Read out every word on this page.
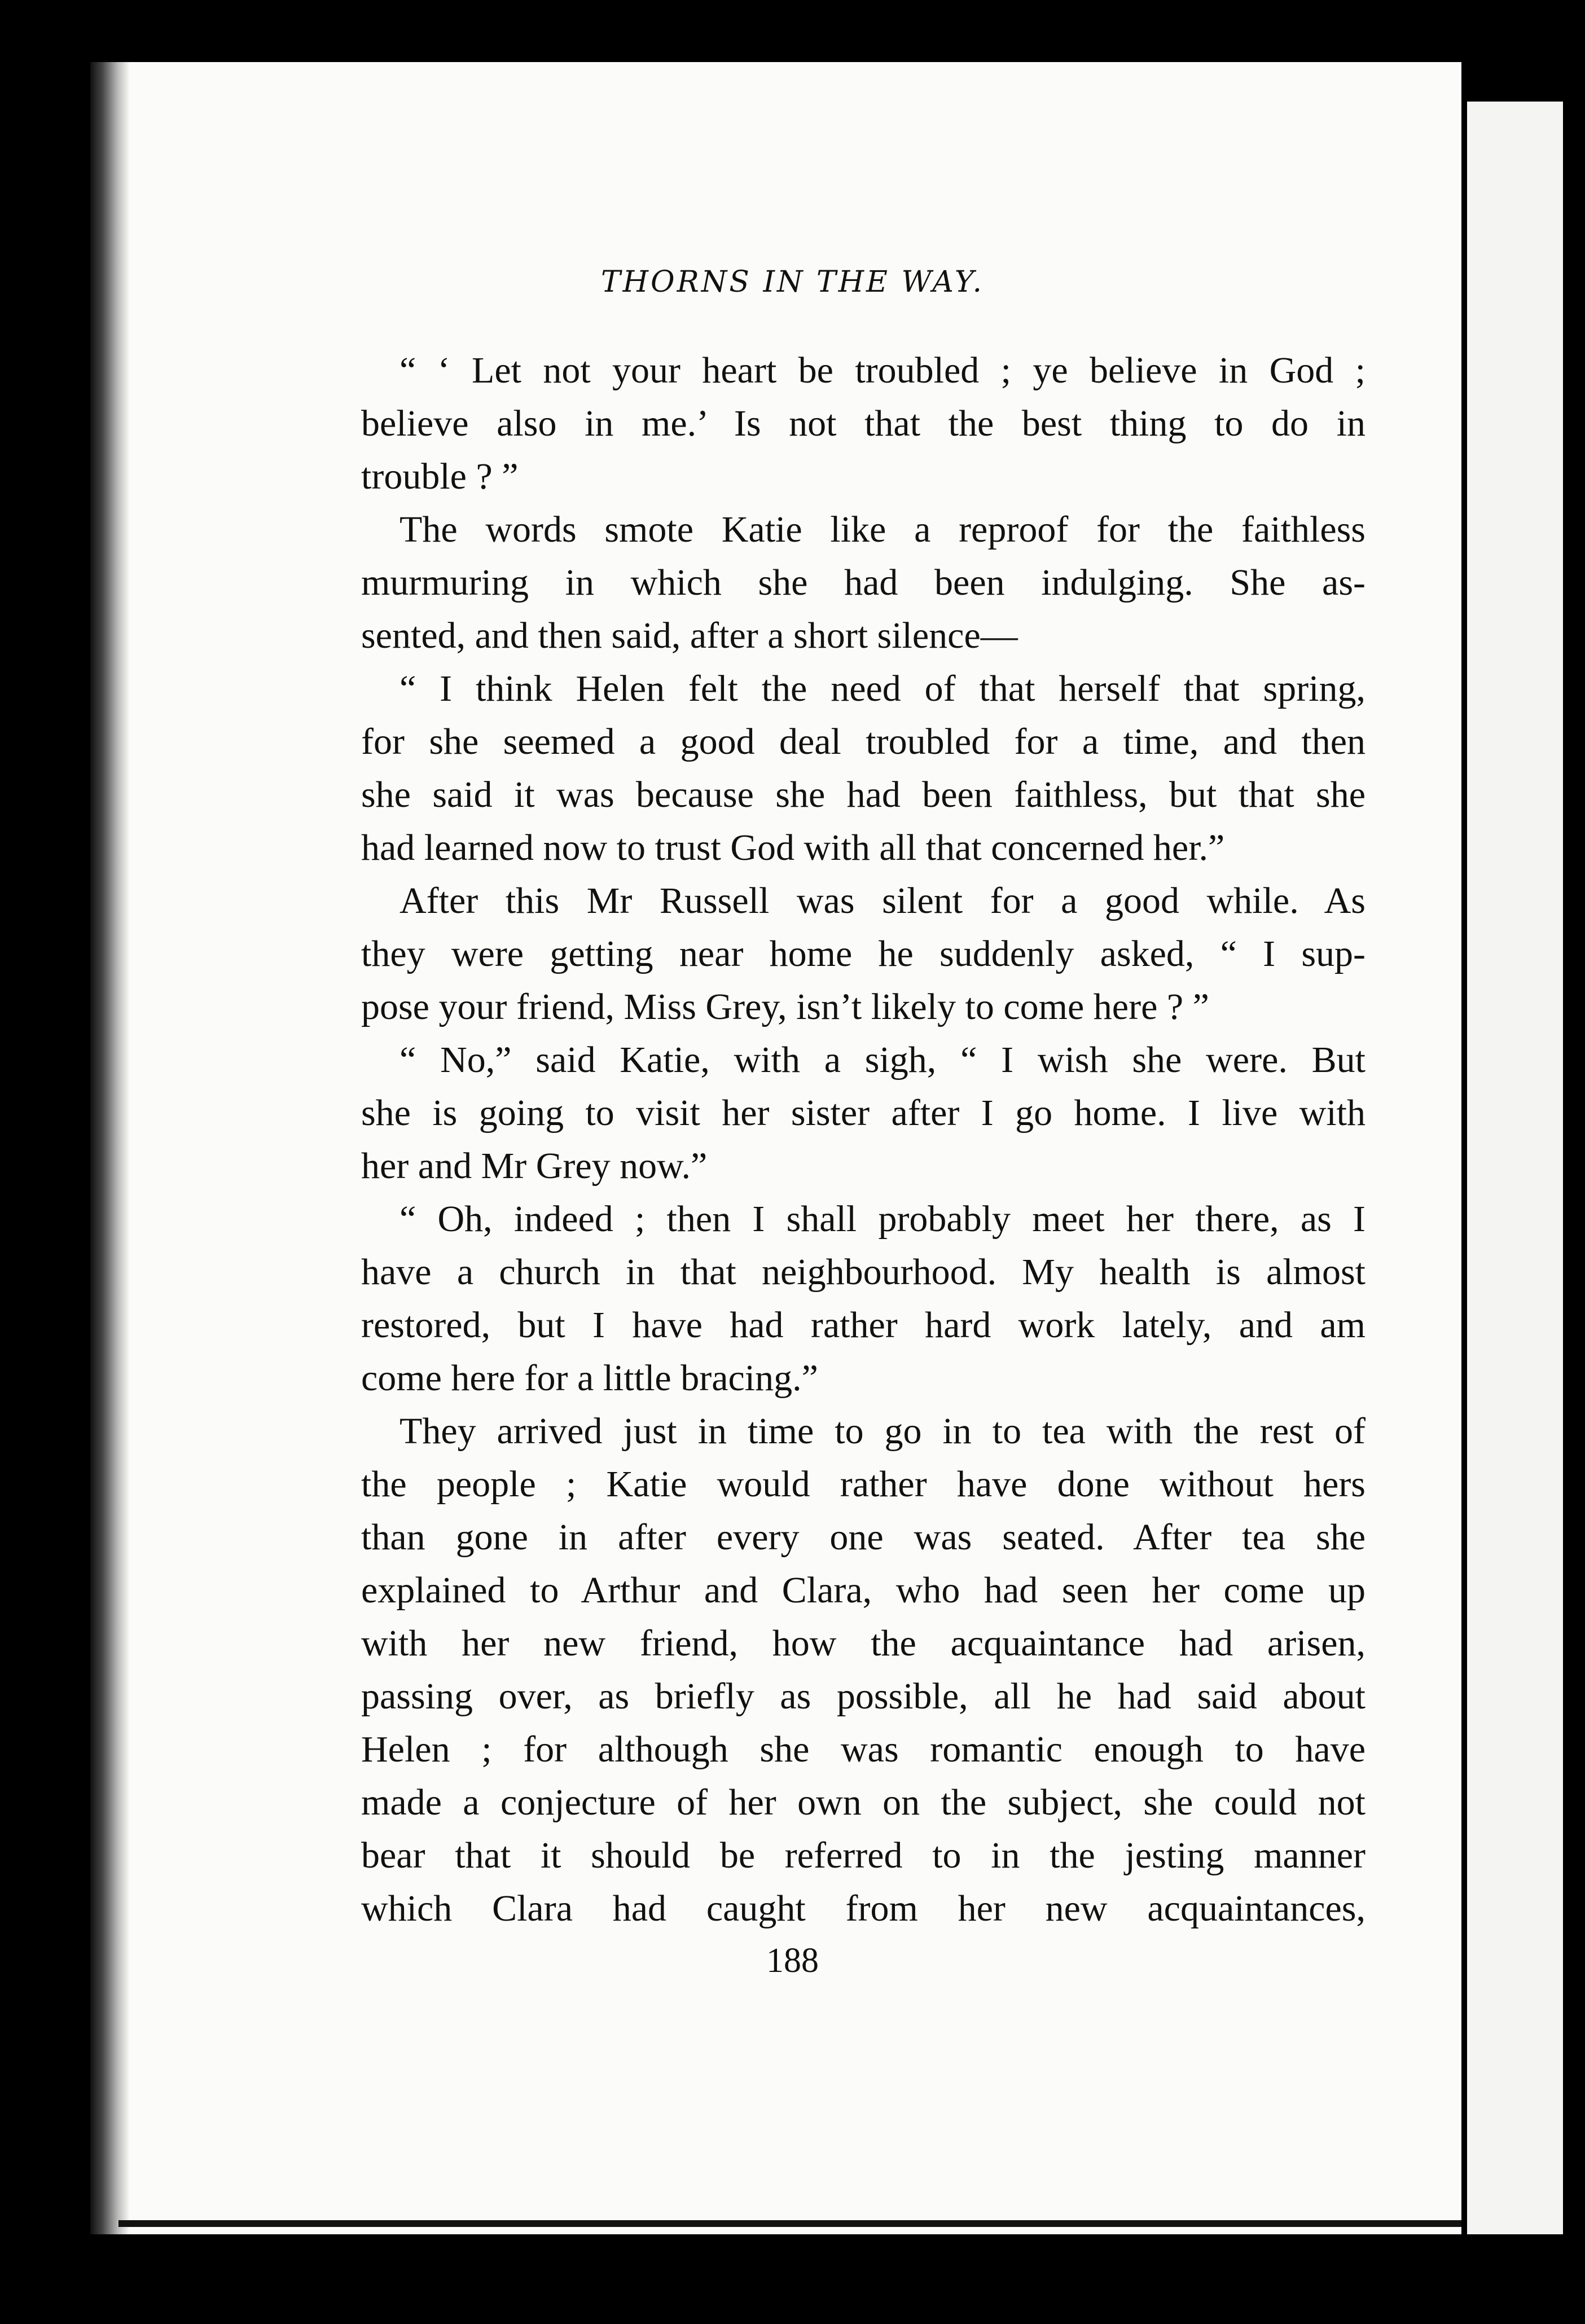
THORNS IN THE WAY.
“ ‘ Let not your heart be troubled ; ye believe in God ;
believe also in me.’ Is not that the best thing to do in
trouble ? ”
The words smote Katie like a reproof for the faithless
murmuring in which she had been indulging. She as-
sented, and then said, after a short silence—
“ I think Helen felt the need of that herself that spring,
for she seemed a good deal troubled for a time, and then
she said it was because she had been faithless, but that she
had learned now to trust God with all that concerned her.”
After this Mr Russell was silent for a good while. As
they were getting near home he suddenly asked, “ I sup-
pose your friend, Miss Grey, isn’t likely to come here ? ”
“ No,” said Katie, with a sigh, “ I wish she were. But
she is going to visit her sister after I go home. I live with
her and Mr Grey now.”
“ Oh, indeed ; then I shall probably meet her there, as I
have a church in that neighbourhood. My health is almost
restored, but I have had rather hard work lately, and am
come here for a little bracing.”
They arrived just in time to go in to tea with the rest of
the people ; Katie would rather have done without hers
than gone in after every one was seated. After tea she
explained to Arthur and Clara, who had seen her come up
with her new friend, how the acquaintance had arisen,
passing over, as briefly as possible, all he had said about
Helen ; for although she was romantic enough to have
made a conjecture of her own on the subject, she could not
bear that it should be referred to in the jesting manner
which Clara had caught from her new acquaintances,
188
